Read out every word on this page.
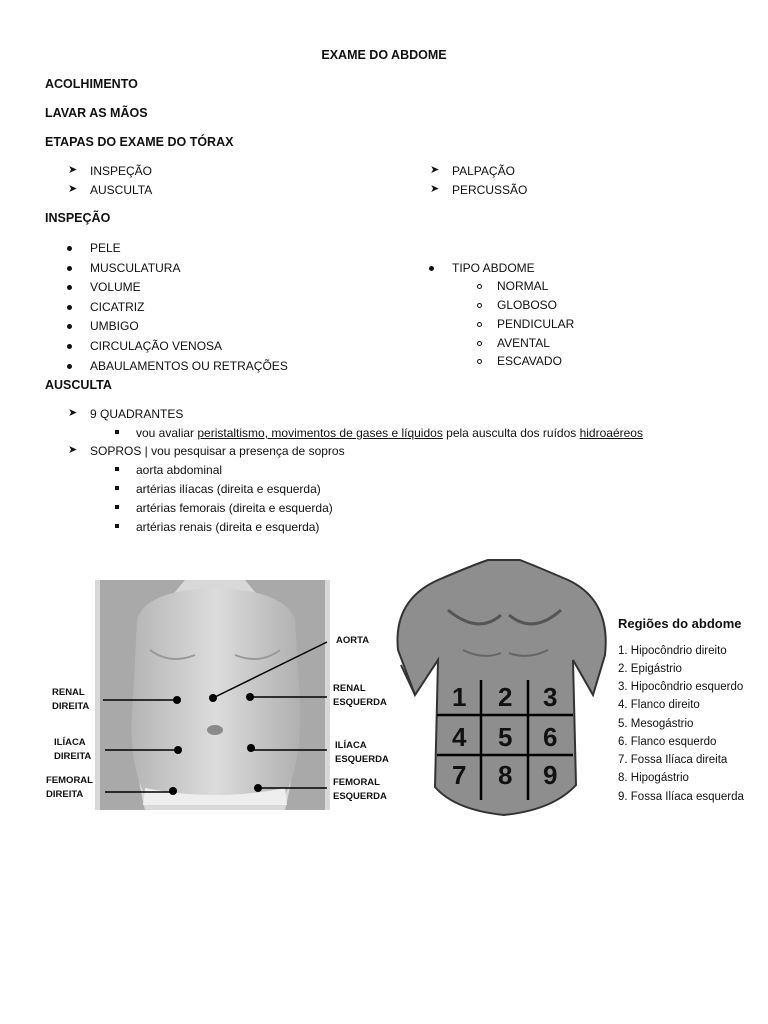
EXAME DO ABDOME
ACOLHIMENTO
LAVAR AS MÃOS
ETAPAS DO EXAME DO TÓRAX
➤ INSPEÇÃO
➤ AUSCULTA
➤ PALPAÇÃO
➤ PERCUSSÃO
INSPEÇÃO
PELE
MUSCULATURA
VOLUME
CICATRIZ
UMBIGO
CIRCULAÇÃO VENOSA
ABAULAMENTOS OU RETRAÇÕES
TIPO ABDOME
NORMAL
GLOBOSO
PENDICULAR
AVENTAL
ESCAVADO
AUSCULTA
➤ 9 QUADRANTES
vou avaliar peristaltismo, movimentos de gases e líquidos pela ausculta dos ruídos hidroaéreos
➤ SOPROS | vou pesquisar a presença de sopros
aorta abdominal
artérias ilíacas (direita e esquerda)
artérias femorais (direita e esquerda)
artérias renais (direita e esquerda)
AORTA
RENAL
DIREITA
RENAL
ESQUERDA
ILÍACA
DIREITA
ILÍACA
ESQUERDA
FEMORAL
DIREITA
FEMORAL
ESQUERDA
1 2 3
4 5 6
7 8 9
Regiões do abdome
1. Hipocôndrio direito
2. Epigástrio
3. Hipocôndrio esquerdo
4. Flanco direito
5. Mesogástrio
6. Flanco esquerdo
7. Fossa Ilíaca direita
8. Hipogástrio
9. Fossa Ilíaca esquerda
